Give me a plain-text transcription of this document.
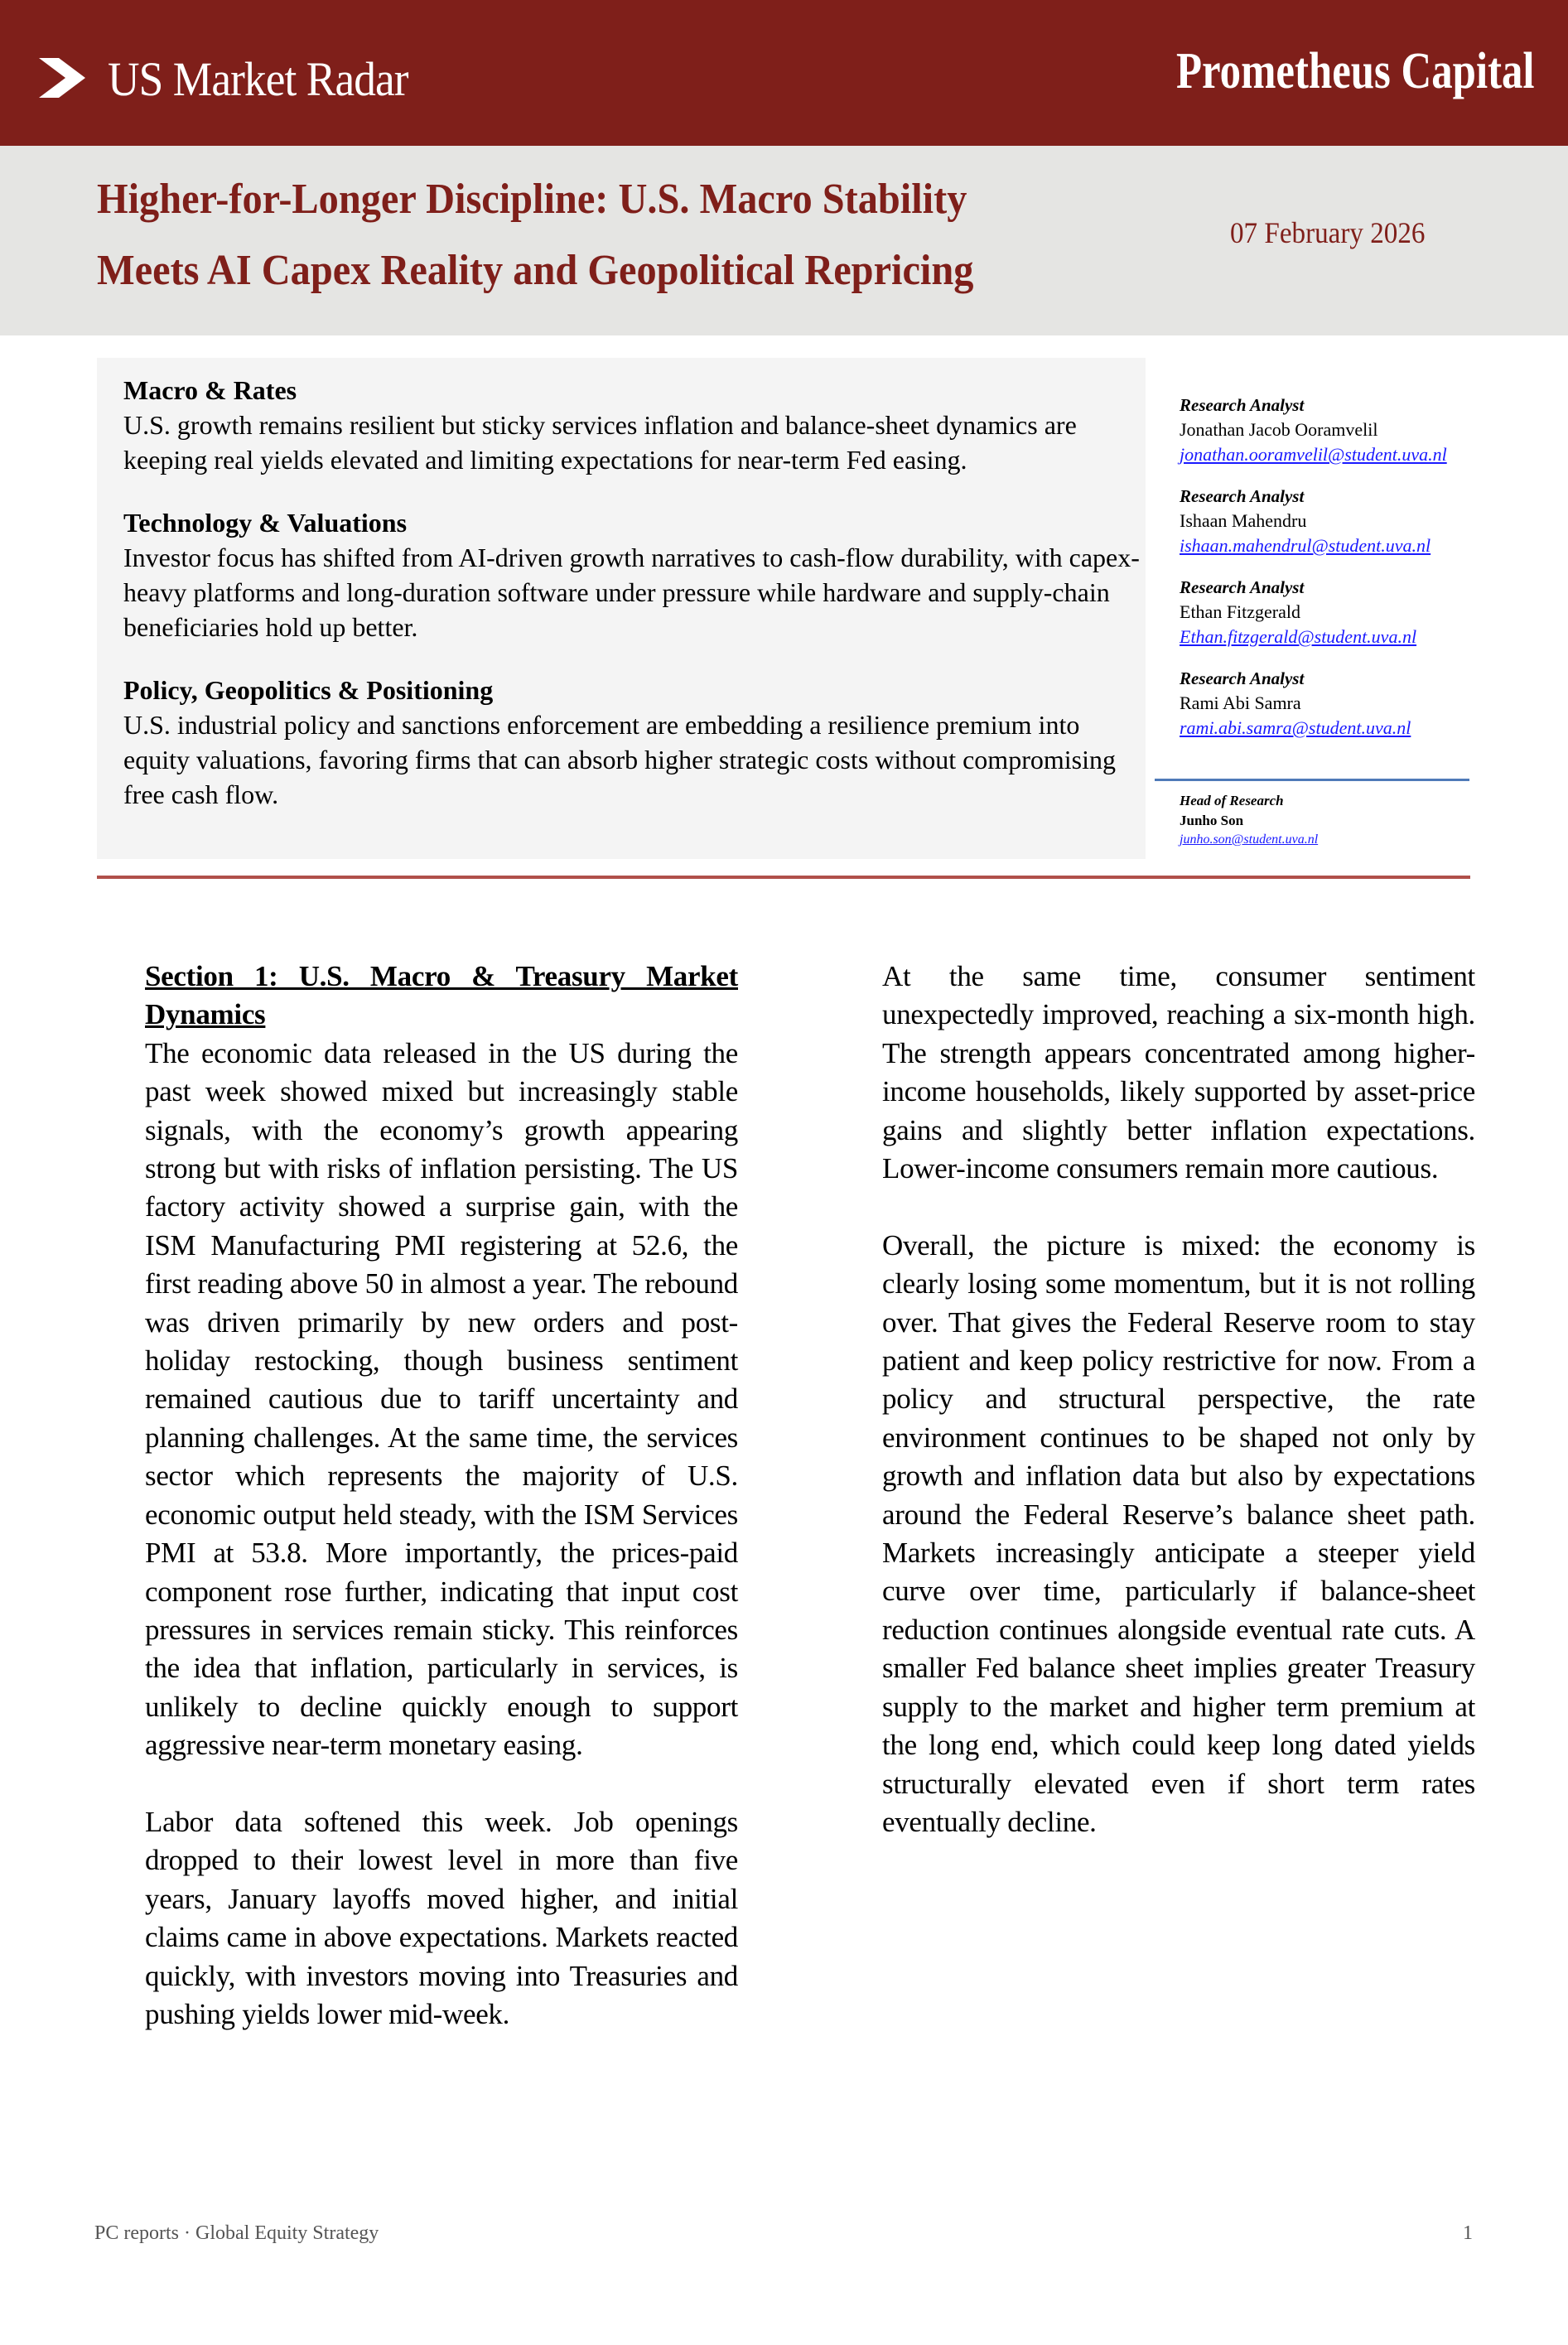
US Market Radar	Prometheus Capital
Higher-for-Longer Discipline: U.S. Macro Stability
Meets AI Capex Reality and Geopolitical Repricing
07 February 2026
Macro & Rates
U.S. growth remains resilient but sticky services inflation and balance-sheet dynamics are keeping real yields elevated and limiting expectations for near-term Fed easing.
Technology & Valuations
Investor focus has shifted from AI-driven growth narratives to cash-flow durability, with capex-heavy platforms and long-duration software under pressure while hardware and supply-chain beneficiaries hold up better.
Policy, Geopolitics & Positioning
U.S. industrial policy and sanctions enforcement are embedding a resilience premium into equity valuations, favoring firms that can absorb higher strategic costs without compromising free cash flow.
Research Analyst
Jonathan Jacob Ooramvelil
jonathan.ooramvelil@student.uva.nl
Research Analyst
Ishaan Mahendru
ishaan.mahendrul@student.uva.nl
Research Analyst
Ethan Fitzgerald
Ethan.fitzgerald@student.uva.nl
Research Analyst
Rami Abi Samra
rami.abi.samra@student.uva.nl
Head of Research
Junho Son
junho.son@student.uva.nl
Section 1: U.S. Macro & Treasury Market Dynamics

The economic data released in the US during the past week showed mixed but increasingly stable signals, with the economy’s growth appearing strong but with risks of inflation persisting. The US factory activity showed a surprise gain, with the ISM Manufacturing PMI registering at 52.6, the first reading above 50 in almost a year. The rebound was driven primarily by new orders and post-holiday restocking, though business sentiment remained cautious due to tariff uncertainty and planning challenges. At the same time, the services sector which represents the majority of U.S. economic output held steady, with the ISM Services PMI at 53.8. More importantly, the prices-paid component rose further, indicating that input cost pressures in services remain sticky. This reinforces the idea that inflation, particularly in services, is unlikely to decline quickly enough to support aggressive near-term monetary easing.

Labor data softened this week. Job openings dropped to their lowest level in more than five years, January layoffs moved higher, and initial claims came in above expectations. Markets reacted quickly, with investors moving into Treasuries and pushing yields lower mid-week.

At the same time, consumer sentiment unexpectedly improved, reaching a six-month high. The strength appears concentrated among higher-income households, likely supported by asset-price gains and slightly better inflation expectations. Lower-income consumers remain more cautious.

Overall, the picture is mixed: the economy is clearly losing some momentum, but it is not rolling over. That gives the Federal Reserve room to stay patient and keep policy restrictive for now. From a policy and structural perspective, the rate environment continues to be shaped not only by growth and inflation data but also by expectations around the Federal Reserve’s balance sheet path. Markets increasingly anticipate a steeper yield curve over time, particularly if balance-sheet reduction continues alongside eventual rate cuts. A smaller Fed balance sheet implies greater Treasury supply to the market and higher term premium at the long end, which could keep long dated yields structurally elevated even if short term rates eventually decline.

PC reports · Global Equity Strategy	1
